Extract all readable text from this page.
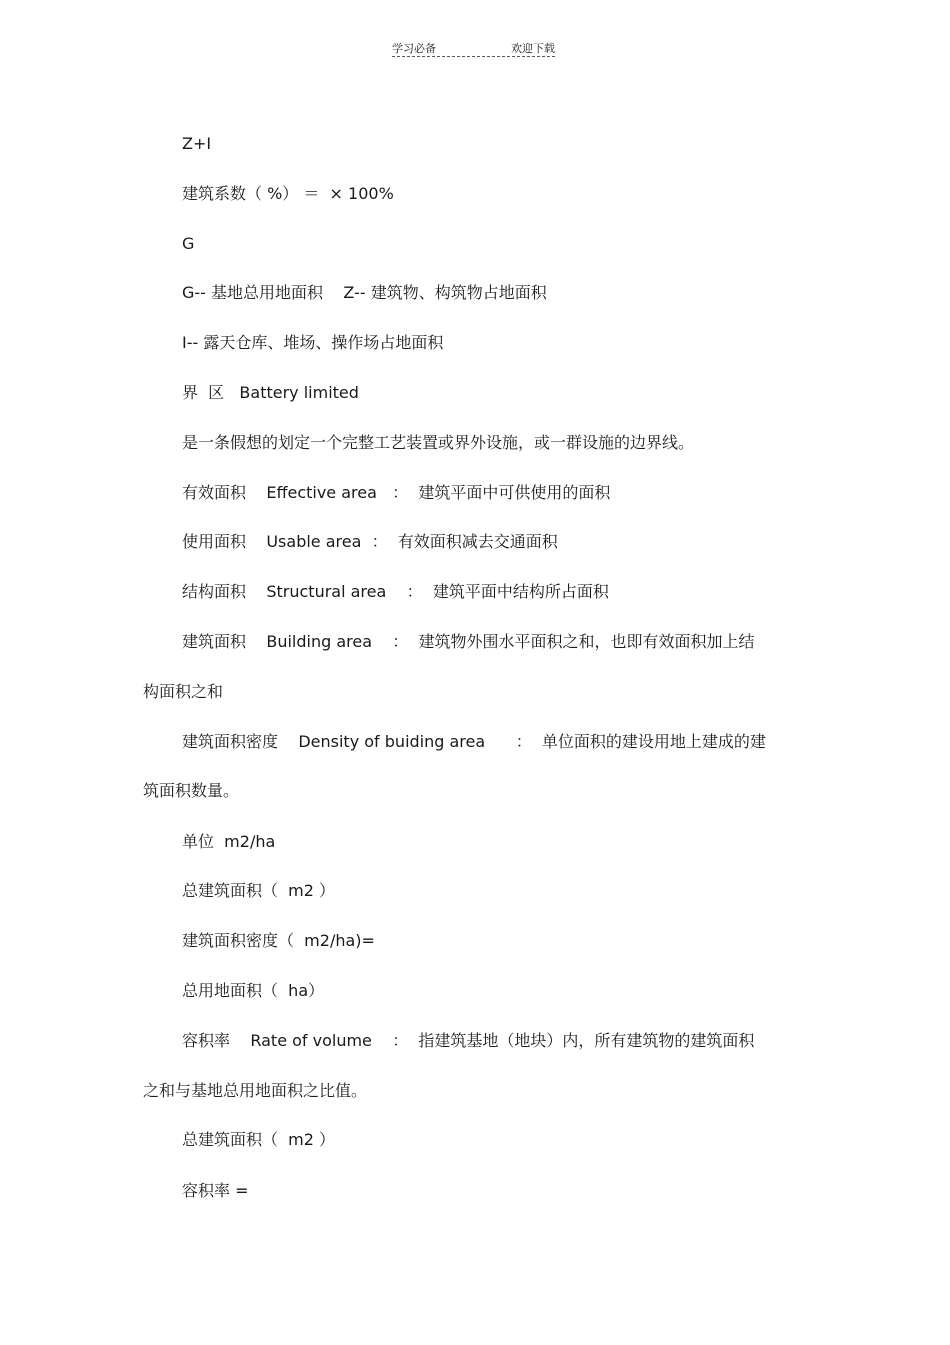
学习必备	欢迎下载
Z+I
建筑系数（ %） ＝  × 100%
G
G-- 基地总用地面积    Z-- 建筑物、构筑物占地面积
I-- 露天仓库、堆场、操作场占地面积
界  区   Battery limited
是一条假想的划定一个完整工艺装置或界外设施，或一群设施的边界线。
有效面积    Effective area   ：  建筑平面中可供使用的面积
使用面积    Usable area  ：  有效面积减去交通面积
结构面积    Structural area    ：  建筑平面中结构所占面积
建筑面积    Building area    ：  建筑物外围水平面积之和，也即有效面积加上结
构面积之和
建筑面积密度    Density of buiding area      ：  单位面积的建设用地上建成的建
筑面积数量。
单位  m2/ha
总建筑面积（  m2 ）
建筑面积密度（  m2/ha)=
总用地面积（  ha）
容积率    Rate of volume    ：  指建筑基地（地块）内，所有建筑物的建筑面积
之和与基地总用地面积之比值。
总建筑面积（  m2 ）
容积率 =
